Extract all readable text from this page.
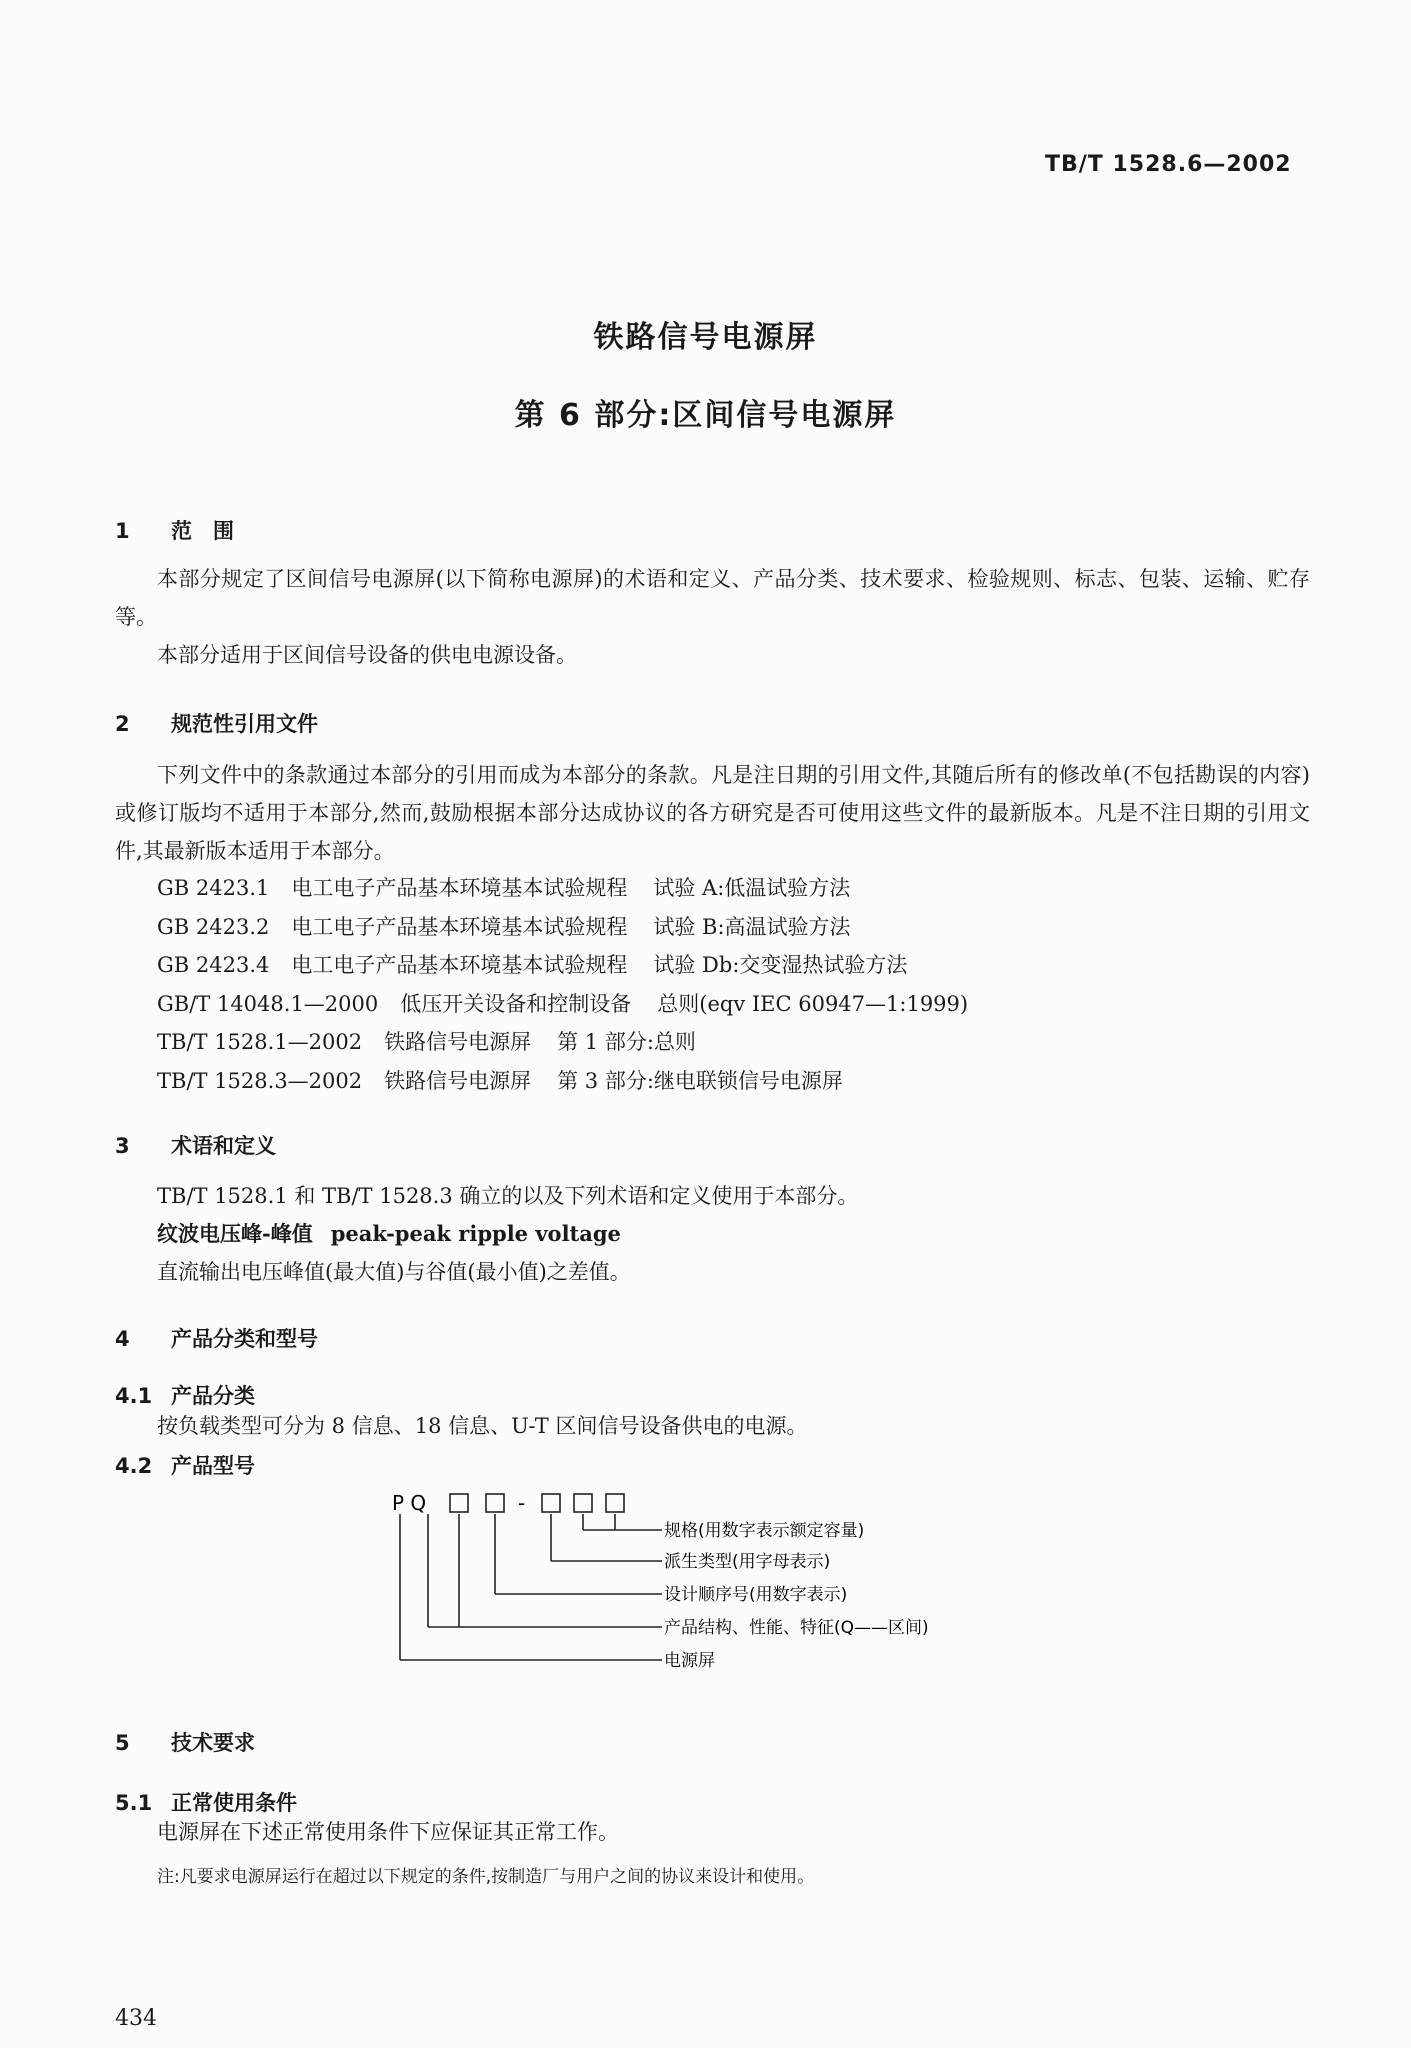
TB/T 1528.6—2002
铁路信号电源屏
第 6 部分:区间信号电源屏
1 范　围
本部分规定了区间信号电源屏(以下简称电源屏)的术语和定义、产品分类、技术要求、检验规则、标志、包装、运输、贮存等。
本部分适用于区间信号设备的供电电源设备。
2 规范性引用文件
下列文件中的条款通过本部分的引用而成为本部分的条款。凡是注日期的引用文件,其随后所有的修改单(不包括勘误的内容)或修订版均不适用于本部分,然而,鼓励根据本部分达成协议的各方研究是否可使用这些文件的最新版本。凡是不注日期的引用文件,其最新版本适用于本部分。
GB 2423.1 电工电子产品基本环境基本试验规程 试验 A:低温试验方法
GB 2423.2 电工电子产品基本环境基本试验规程 试验 B:高温试验方法
GB 2423.4 电工电子产品基本环境基本试验规程 试验 Db:交变湿热试验方法
GB/T 14048.1—2000 低压开关设备和控制设备 总则(eqv IEC 60947—1:1999)
TB/T 1528.1—2002 铁路信号电源屏 第 1 部分:总则
TB/T 1528.3—2002 铁路信号电源屏 第 3 部分:继电联锁信号电源屏
3 术语和定义
TB/T 1528.1 和 TB/T 1528.3 确立的以及下列术语和定义使用于本部分。
纹波电压峰-峰值 peak-peak ripple voltage
直流输出电压峰值(最大值)与谷值(最小值)之差值。
4 产品分类和型号
4.1 产品分类
按负载类型可分为 8 信息、18 信息、U-T 区间信号设备供电的电源。
4.2 产品型号
P Q	-
规格(用数字表示额定容量)
派生类型(用字母表示)
设计顺序号(用数字表示)
产品结构、性能、特征(Q——区间)
电源屏
5 技术要求
5.1 正常使用条件
电源屏在下述正常使用条件下应保证其正常工作。
注:凡要求电源屏运行在超过以下规定的条件,按制造厂与用户之间的协议来设计和使用。
434
